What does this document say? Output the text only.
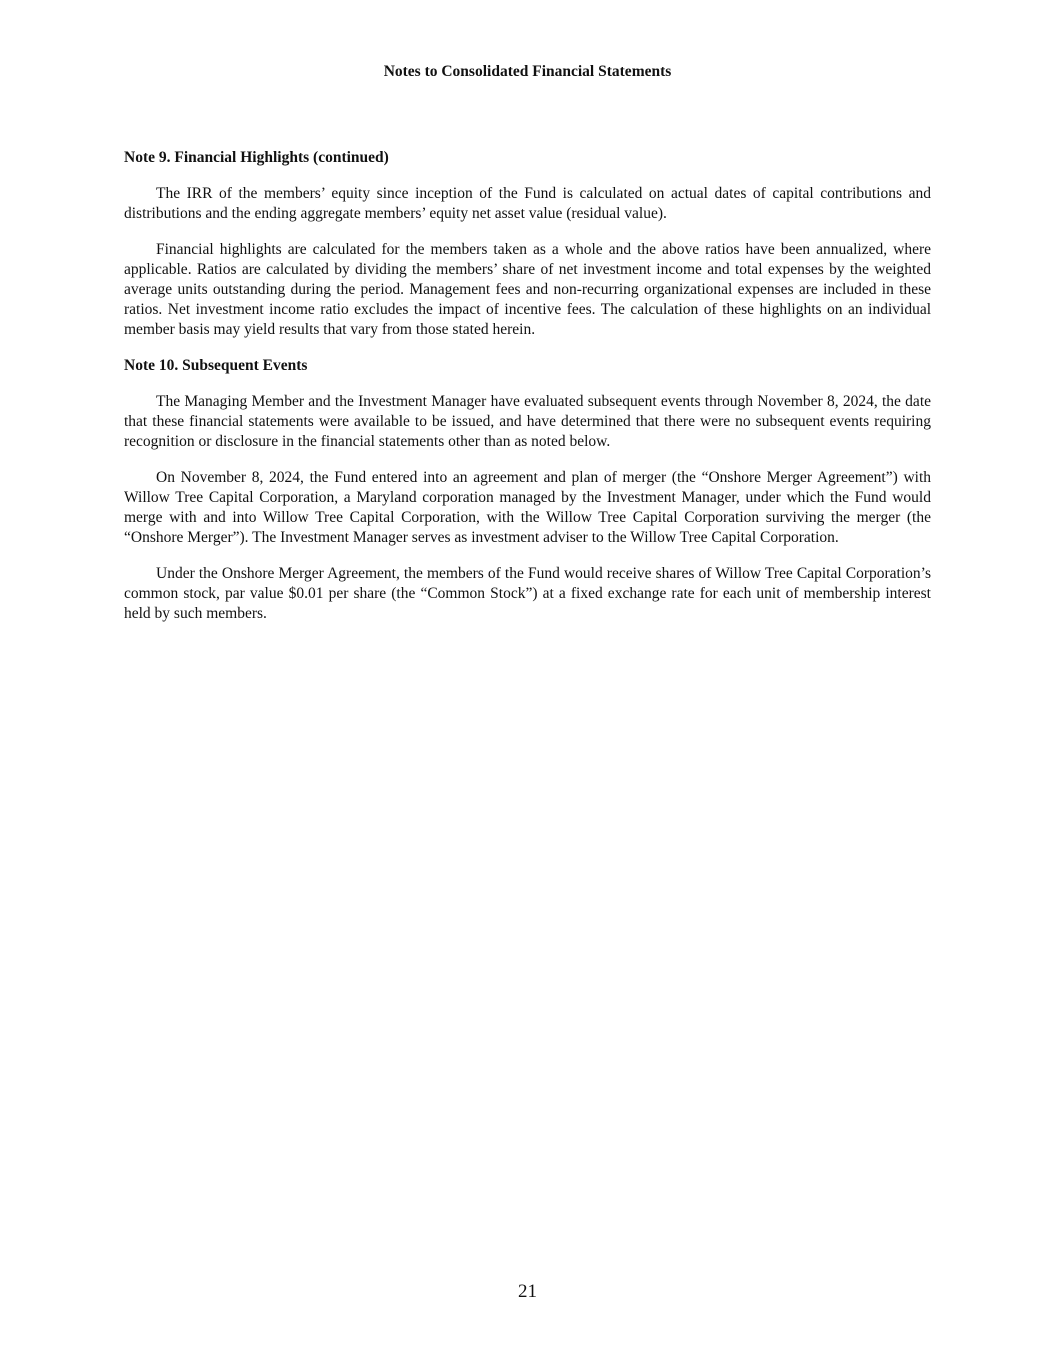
Notes to Consolidated Financial Statements
Note 9. Financial Highlights (continued)

The IRR of the members’ equity since inception of the Fund is calculated on actual dates of capital contributions and distributions and the ending aggregate members’ equity net asset value (residual value).

Financial highlights are calculated for the members taken as a whole and the above ratios have been annualized, where applicable. Ratios are calculated by dividing the members’ share of net investment income and total expenses by the weighted average units outstanding during the period. Management fees and non-recurring organizational expenses are included in these ratios. Net investment income ratio excludes the impact of incentive fees. The calculation of these highlights on an individual member basis may yield results that vary from those stated herein.

Note 10. Subsequent Events

The Managing Member and the Investment Manager have evaluated subsequent events through November 8, 2024, the date that these financial statements were available to be issued, and have determined that there were no subsequent events requiring recognition or disclosure in the financial statements other than as noted below.

On November 8, 2024, the Fund entered into an agreement and plan of merger (the “Onshore Merger Agreement”) with Willow Tree Capital Corporation, a Maryland corporation managed by the Investment Manager, under which the Fund would merge with and into Willow Tree Capital Corporation, with the Willow Tree Capital Corporation surviving the merger (the “Onshore Merger”). The Investment Manager serves as investment adviser to the Willow Tree Capital Corporation.

Under the Onshore Merger Agreement, the members of the Fund would receive shares of Willow Tree Capital Corporation’s common stock, par value $0.01 per share (the “Common Stock”) at a fixed exchange rate for each unit of membership interest held by such members.

21
